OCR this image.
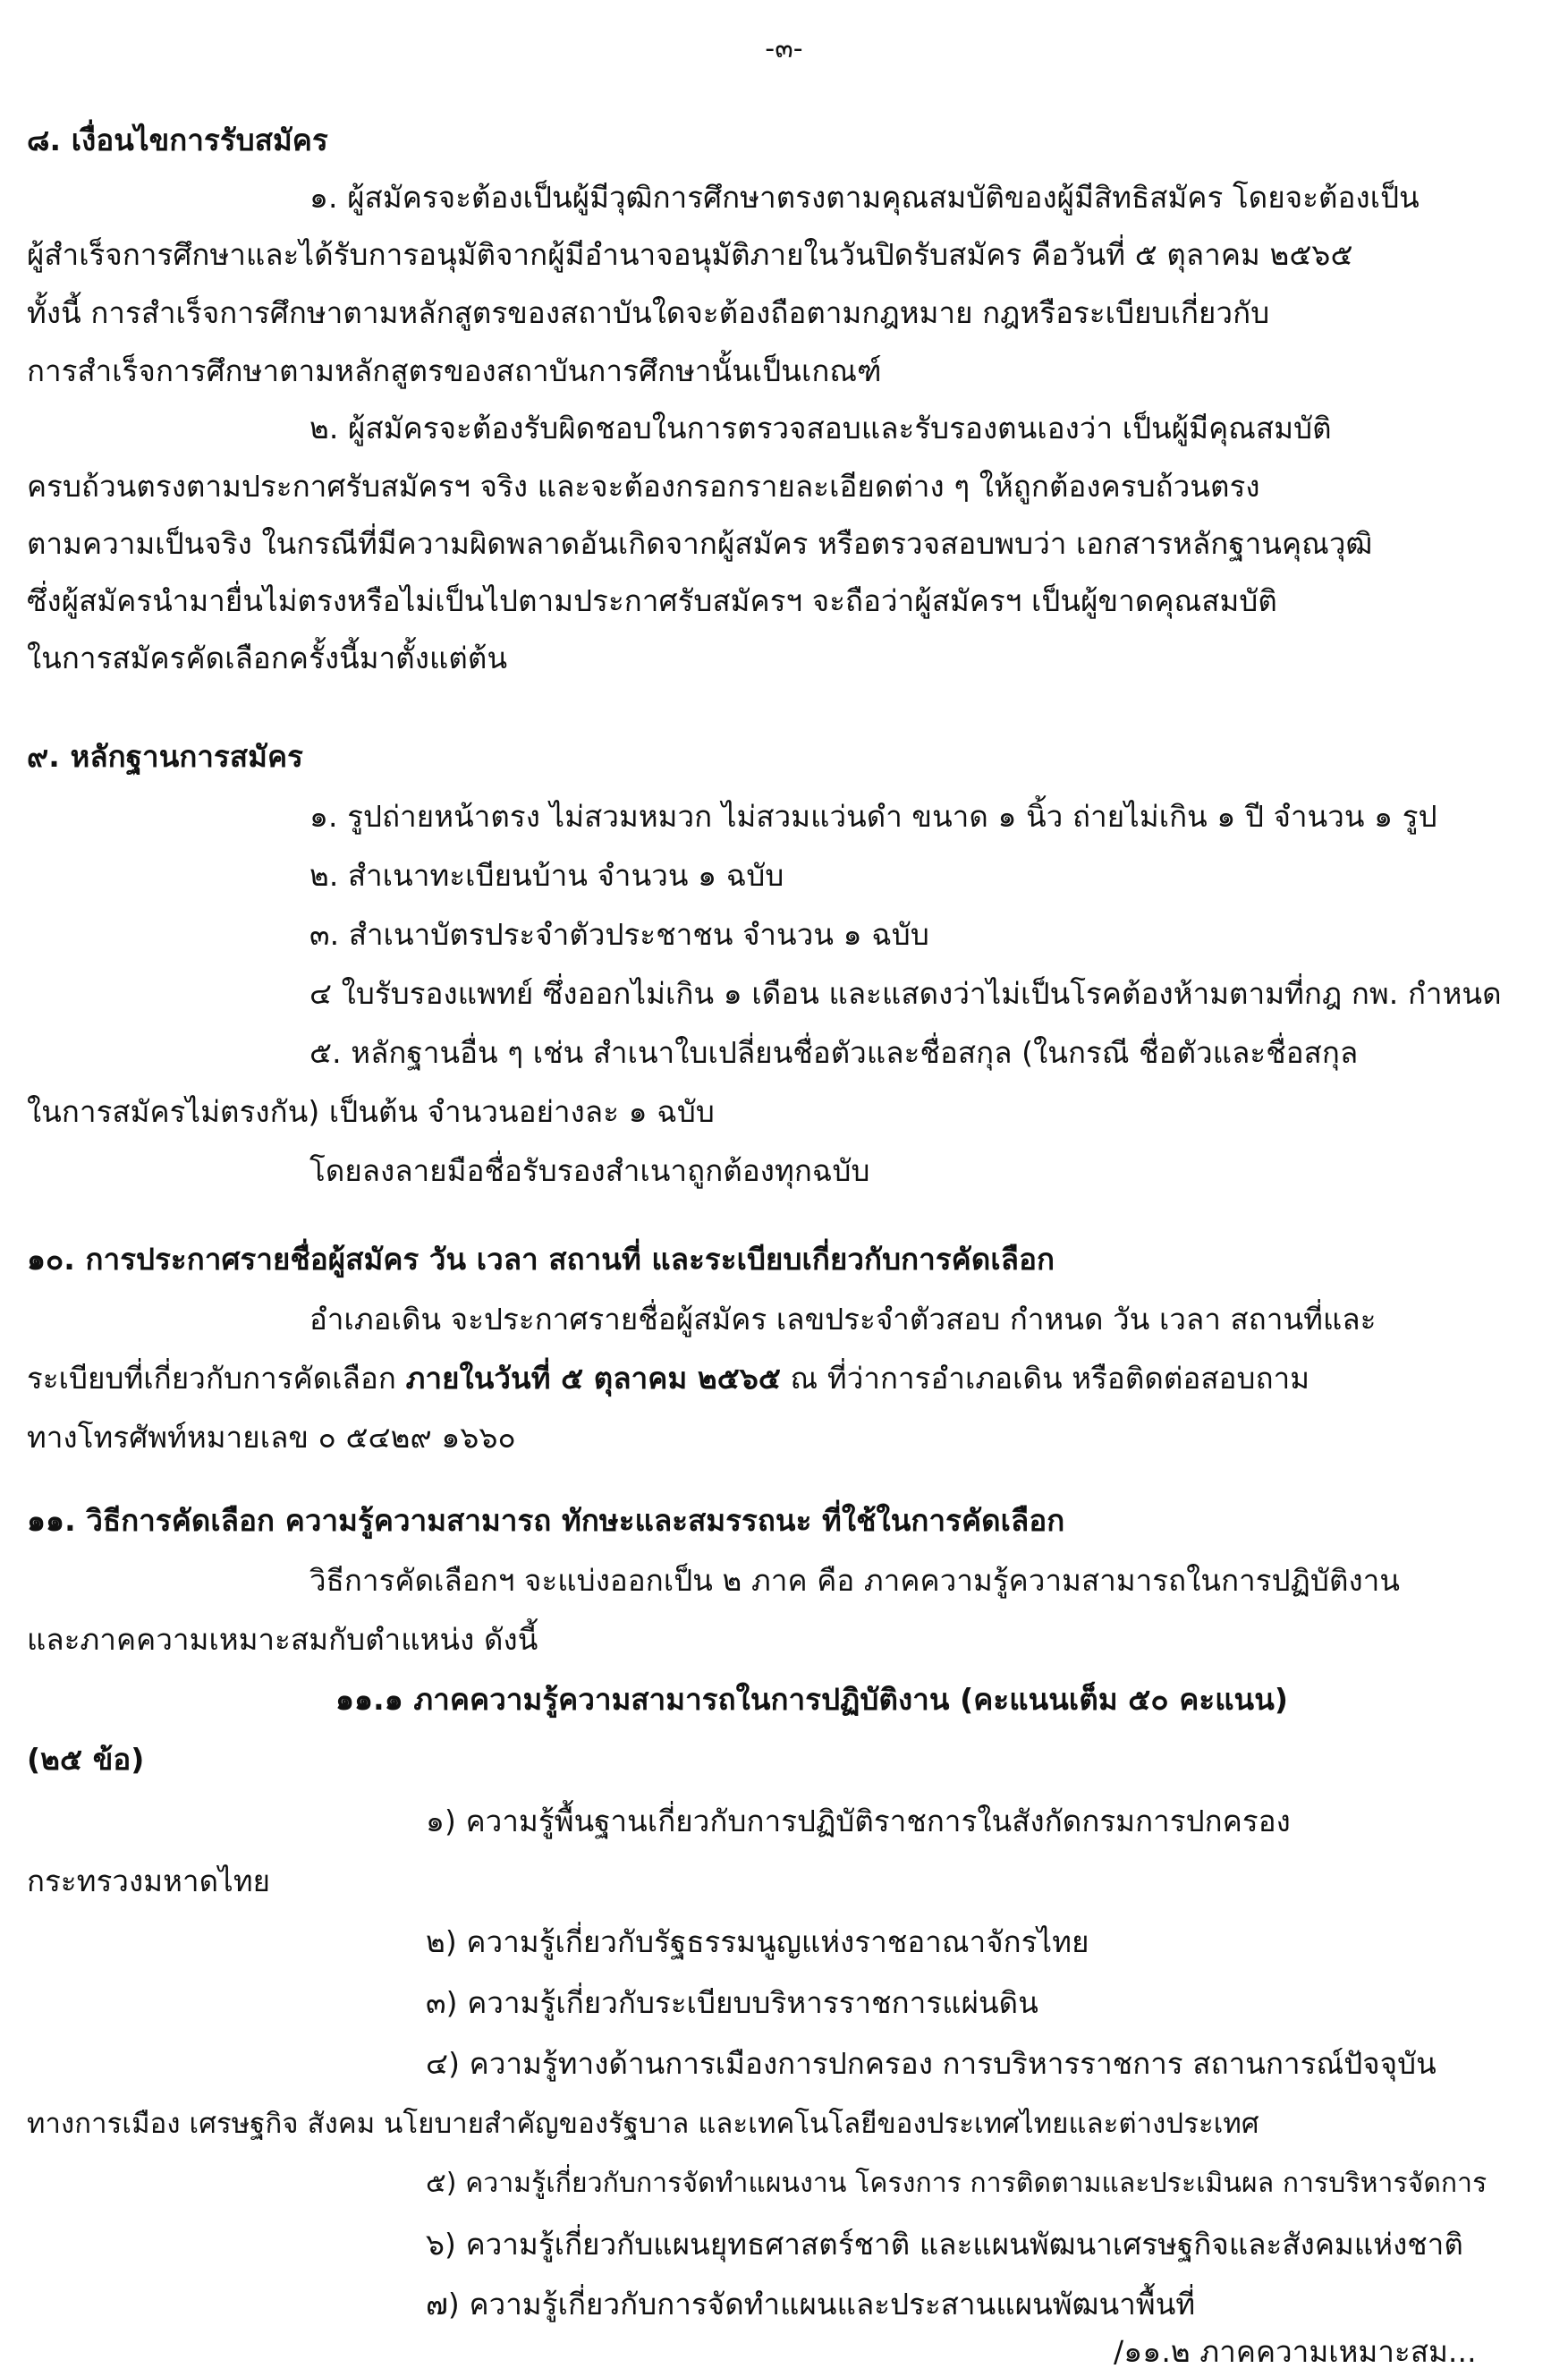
-๓-
๘. เงื่อนไขการรับสมัคร
๑. ผู้สมัครจะต้องเป็นผู้มีวุฒิการศึกษาตรงตามคุณสมบัติของผู้มีสิทธิสมัคร โดยจะต้องเป็น
ผู้สำเร็จการศึกษาและได้รับการอนุมัติจากผู้มีอำนาจอนุมัติภายในวันปิดรับสมัคร คือวันที่ ๕ ตุลาคม ๒๕๖๕
ทั้งนี้ การสำเร็จการศึกษาตามหลักสูตรของสถาบันใดจะต้องถือตามกฎหมาย กฎหรือระเบียบเกี่ยวกับ
การสำเร็จการศึกษาตามหลักสูตรของสถาบันการศึกษานั้นเป็นเกณฑ์
๒. ผู้สมัครจะต้องรับผิดชอบในการตรวจสอบและรับรองตนเองว่า เป็นผู้มีคุณสมบัติ
ครบถ้วนตรงตามประกาศรับสมัครฯ จริง และจะต้องกรอกรายละเอียดต่าง ๆ ให้ถูกต้องครบถ้วนตรง
ตามความเป็นจริง ในกรณีที่มีความผิดพลาดอันเกิดจากผู้สมัคร หรือตรวจสอบพบว่า เอกสารหลักฐานคุณวุฒิ
ซึ่งผู้สมัครนำมายื่นไม่ตรงหรือไม่เป็นไปตามประกาศรับสมัครฯ จะถือว่าผู้สมัครฯ เป็นผู้ขาดคุณสมบัติ
ในการสมัครคัดเลือกครั้งนี้มาตั้งแต่ต้น
๙. หลักฐานการสมัคร
๑. รูปถ่ายหน้าตรง ไม่สวมหมวก ไม่สวมแว่นดำ ขนาด ๑ นิ้ว ถ่ายไม่เกิน ๑ ปี จำนวน ๑ รูป
๒. สำเนาทะเบียนบ้าน จำนวน ๑ ฉบับ
๓. สำเนาบัตรประจำตัวประชาชน จำนวน ๑ ฉบับ
๔ ใบรับรองแพทย์ ซึ่งออกไม่เกิน ๑ เดือน และแสดงว่าไม่เป็นโรคต้องห้ามตามที่กฎ กพ. กำหนด
๕. หลักฐานอื่น ๆ เช่น สำเนาใบเปลี่ยนชื่อตัวและชื่อสกุล (ในกรณี ชื่อตัวและชื่อสกุล
ในการสมัครไม่ตรงกัน) เป็นต้น จำนวนอย่างละ ๑ ฉบับ
โดยลงลายมือชื่อรับรองสำเนาถูกต้องทุกฉบับ
๑๐. การประกาศรายชื่อผู้สมัคร วัน เวลา สถานที่ และระเบียบเกี่ยวกับการคัดเลือก
อำเภอเดิน จะประกาศรายชื่อผู้สมัคร เลขประจำตัวสอบ กำหนด วัน เวลา สถานที่และ
ระเบียบที่เกี่ยวกับการคัดเลือก ภายในวันที่ ๕ ตุลาคม ๒๕๖๕ ณ ที่ว่าการอำเภอเดิน หรือติดต่อสอบถาม
ทางโทรศัพท์หมายเลข ๐ ๕๔๒๙ ๑๖๖๐
๑๑. วิธีการคัดเลือก ความรู้ความสามารถ ทักษะและสมรรถนะ ที่ใช้ในการคัดเลือก
วิธีการคัดเลือกฯ จะแบ่งออกเป็น ๒ ภาค คือ ภาคความรู้ความสามารถในการปฏิบัติงาน
และภาคความเหมาะสมกับตำแหน่ง ดังนี้
๑๑.๑ ภาคความรู้ความสามารถในการปฏิบัติงาน (คะแนนเต็ม ๕๐ คะแนน)
(๒๕ ข้อ)
๑) ความรู้พื้นฐานเกี่ยวกับการปฏิบัติราชการในสังกัดกรมการปกครอง
กระทรวงมหาดไทย
๒) ความรู้เกี่ยวกับรัฐธรรมนูญแห่งราชอาณาจักรไทย
๓) ความรู้เกี่ยวกับระเบียบบริหารราชการแผ่นดิน
๔) ความรู้ทางด้านการเมืองการปกครอง การบริหารราชการ สถานการณ์ปัจจุบัน
ทางการเมือง เศรษฐกิจ สังคม นโยบายสำคัญของรัฐบาล และเทคโนโลยีของประเทศไทยและต่างประเทศ
๕) ความรู้เกี่ยวกับการจัดทำแผนงาน โครงการ การติดตามและประเมินผล การบริหารจัดการ
๖) ความรู้เกี่ยวกับแผนยุทธศาสตร์ชาติ และแผนพัฒนาเศรษฐกิจและสังคมแห่งชาติ
๗) ความรู้เกี่ยวกับการจัดทำแผนและประสานแผนพัฒนาพื้นที่
/๑๑.๒ ภาคความเหมาะสม...
